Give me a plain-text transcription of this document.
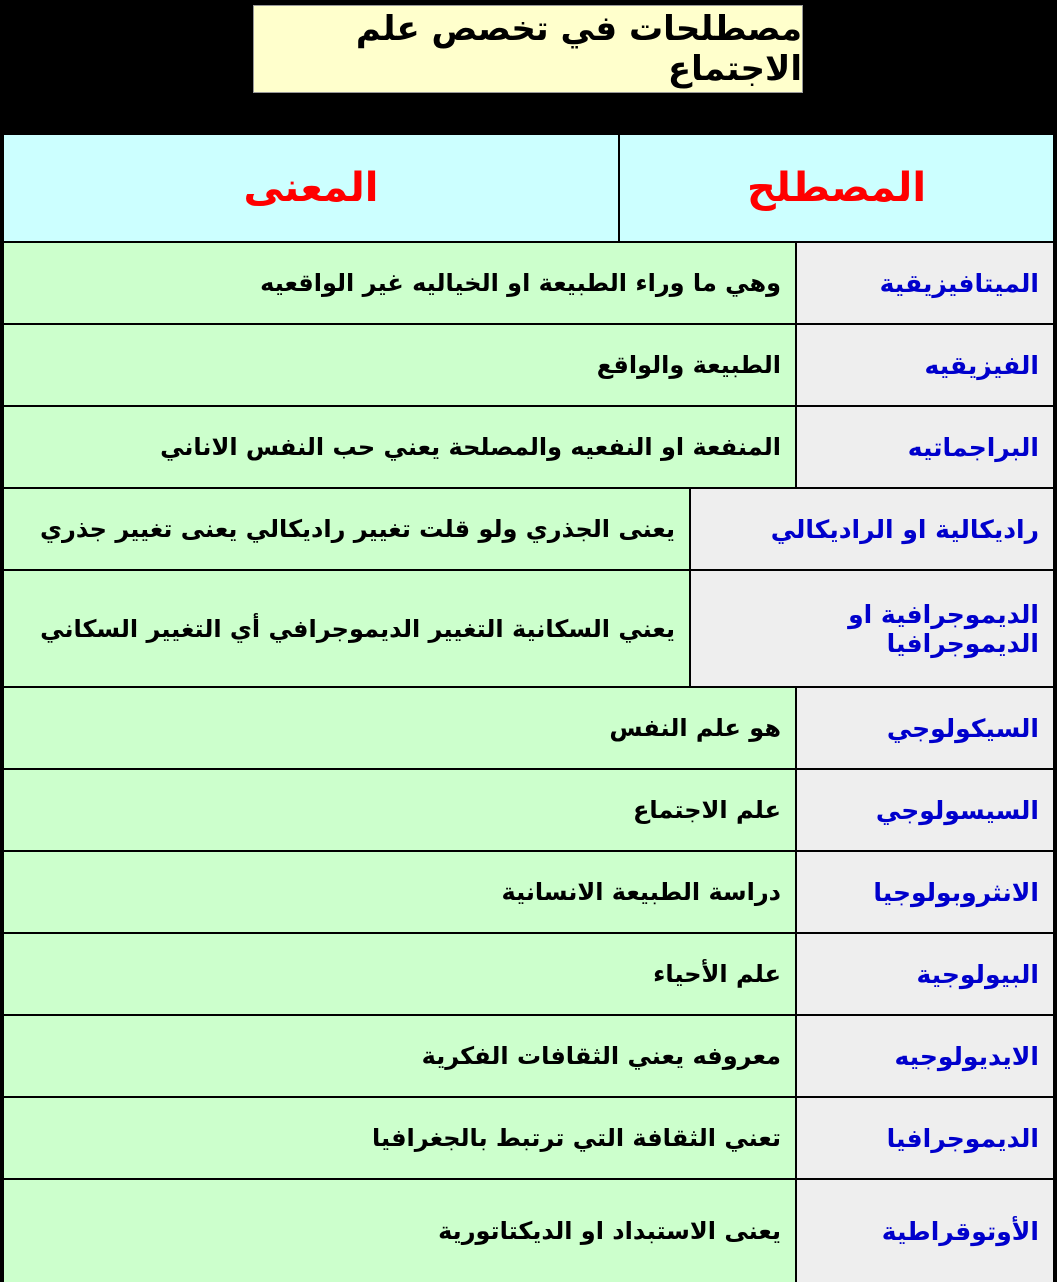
مصطلحات في تخصص علم الاجتماع
المصطلح
المعنى
الميتافيزيقية
وهي ما وراء الطبيعة او الخياليه غير الواقعيه
الفيزيقيه
الطبيعة والواقع
البراجماتيه
المنفعة او النفعيه والمصلحة يعني حب النفس الاناني
راديكالية او الراديكالي
يعنى الجذري ولو قلت تغيير راديكالي يعنى تغيير جذري
الديموجرافية او الديموجرافيا
يعني السكانية التغيير الديموجرافي أي التغيير السكاني
السيكولوجي
هو علم النفس
السيسولوجي
علم الاجتماع
الانثروبولوجيا
دراسة الطبيعة الانسانية
البيولوجية
علم الأحياء
الايديولوجيه
معروفه يعني الثقافات الفكرية
الديموجرافيا
تعني الثقافة التي ترتبط بالجغرافيا
الأوتوقراطية
يعنى الاستبداد او الديكتاتورية
